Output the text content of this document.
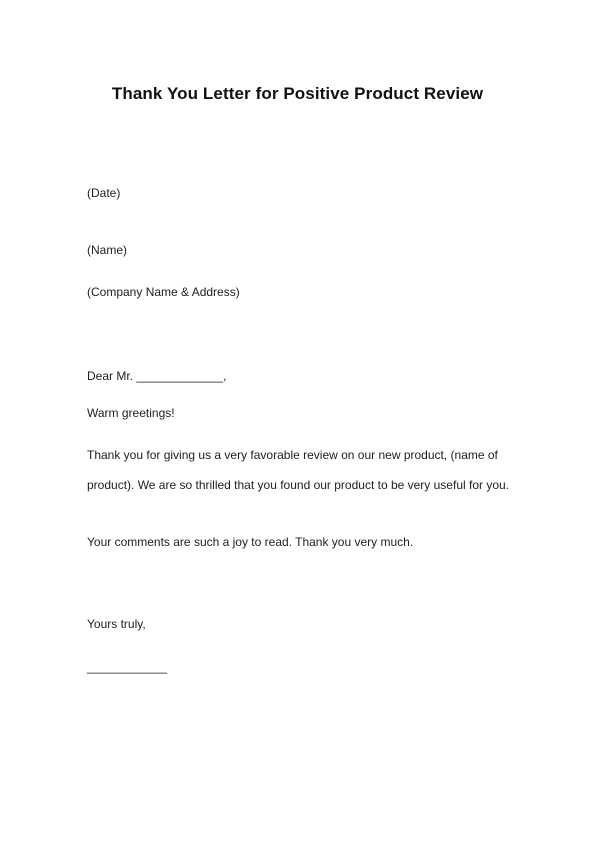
Thank You Letter for Positive Product Review
(Date)
(Name)
(Company Name & Address)
Dear Mr. _____________,
Warm greetings!
Thank you for giving us a very favorable review on our new product, (name of
product). We are so thrilled that you found our product to be very useful for you.
Your comments are such a joy to read. Thank you very much.
Yours truly,
____________
